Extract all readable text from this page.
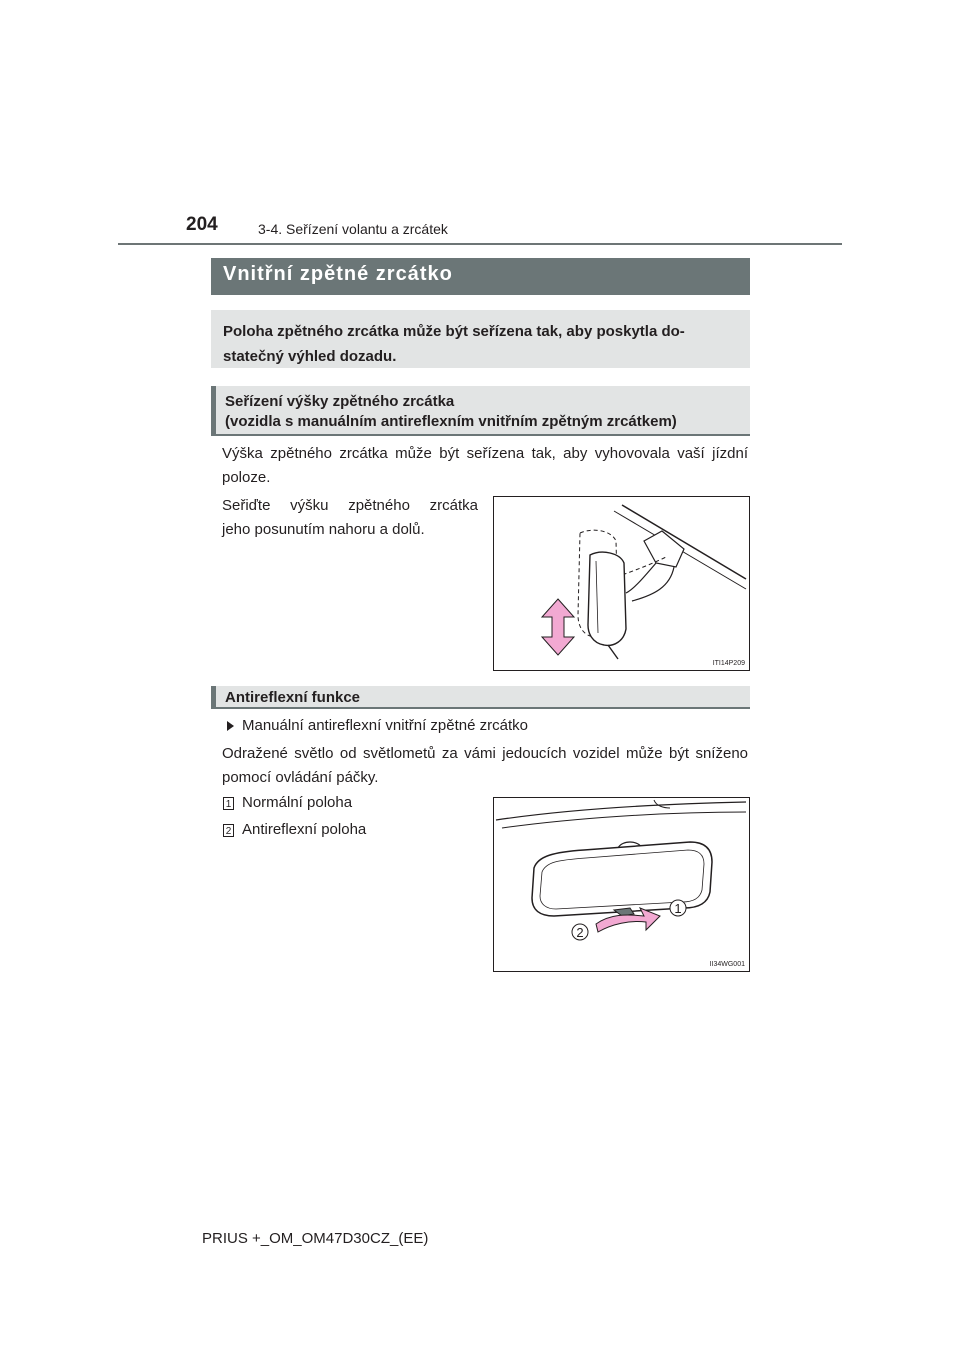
204	3-4. Seřízení volantu a zrcátek
Vnitřní zpětné zrcátko
Poloha zpětného zrcátka může být seřízena tak, aby poskytla do-
statečný výhled dozadu.
Seřízení výšky zpětného zrcátka
(vozidla s manuálním antireflexním vnitřním zpětným zrcátkem)
Výška zpětného zrcátka může být seřízena tak, aby vyhovovala vaší jízdní poloze.
Seřiďte výšku zpětného zrcátka
jeho posunutím nahoru a dolů.
ITI14P209
Antireflexní funkce
Manuální antireflexní vnitřní zpětné zrcátko
Odražené světlo od světlometů za vámi jedoucích vozidel může být sníženo pomocí ovládání páčky.
1 Normální poloha
2 Antireflexní poloha
1
2
II34WG001
PRIUS +_OM_OM47D30CZ_(EE)
